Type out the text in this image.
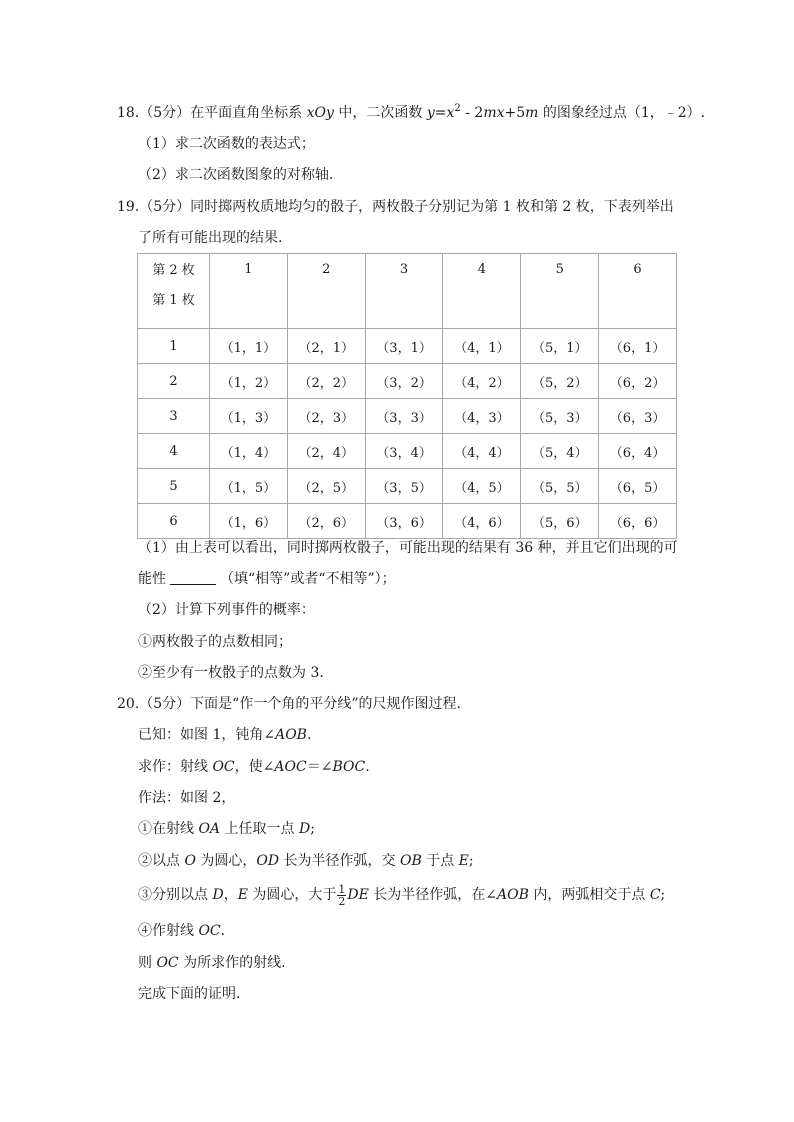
18.（5分）在平面直角坐标系 xOy 中，二次函数 $y=x^2 - 2mx+5m$ 的图象经过点（1，﹣2）.
（1）求二次函数的表达式；
（2）求二次函数图象的对称轴.
19.（5分）同时掷两枚质地均匀的骰子，两枚骰子分别记为第 1 枚和第 2 枚，下表列举出
了所有可能出现的结果.
第 2 枚
第 1 枚	1	2	3	4	5	6
1	（1，1）	（2，1）	（3，1）	（4，1）	（5，1）	（6，1）
2	（1，2）	（2，2）	（3，2）	（4，2）	（5，2）	（6，2）
3	（1，3）	（2，3）	（3，3）	（4，3）	（5，3）	（6，3）
4	（1，4）	（2，4）	（3，4）	（4，4）	（5，4）	（6，4）
5	（1，5）	（2，5）	（3，5）	（4，5）	（5，5）	（6，5）
6	（1，6）	（2，6）	（3，6）	（4，6）	（5，6）	（6，6）
（1）由上表可以看出，同时掷两枚骰子，可能出现的结果有 36 种，并且它们出现的可
能性	（填“相等”或者“不相等”）；
（2）计算下列事件的概率：
①两枚骰子的点数相同；
②至少有一枚骰子的点数为 3.
20.（5分）下面是“作一个角的平分线”的尺规作图过程.
已知：如图 1，钝角∠AOB.
求作：射线 OC，使∠AOC＝∠BOC.
作法：如图 2，
①在射线 OA 上任取一点 D;
②以点 O 为圆心，OD 长为半径作弧，交 OB 于点 E;
③分别以点 D，E 为圆心，大于 $\frac{1}{2}$ DE 长为半径作弧，在∠AOB 内，两弧相交于点 C;
④作射线 OC.
则 OC 为所求作的射线.
完成下面的证明.
